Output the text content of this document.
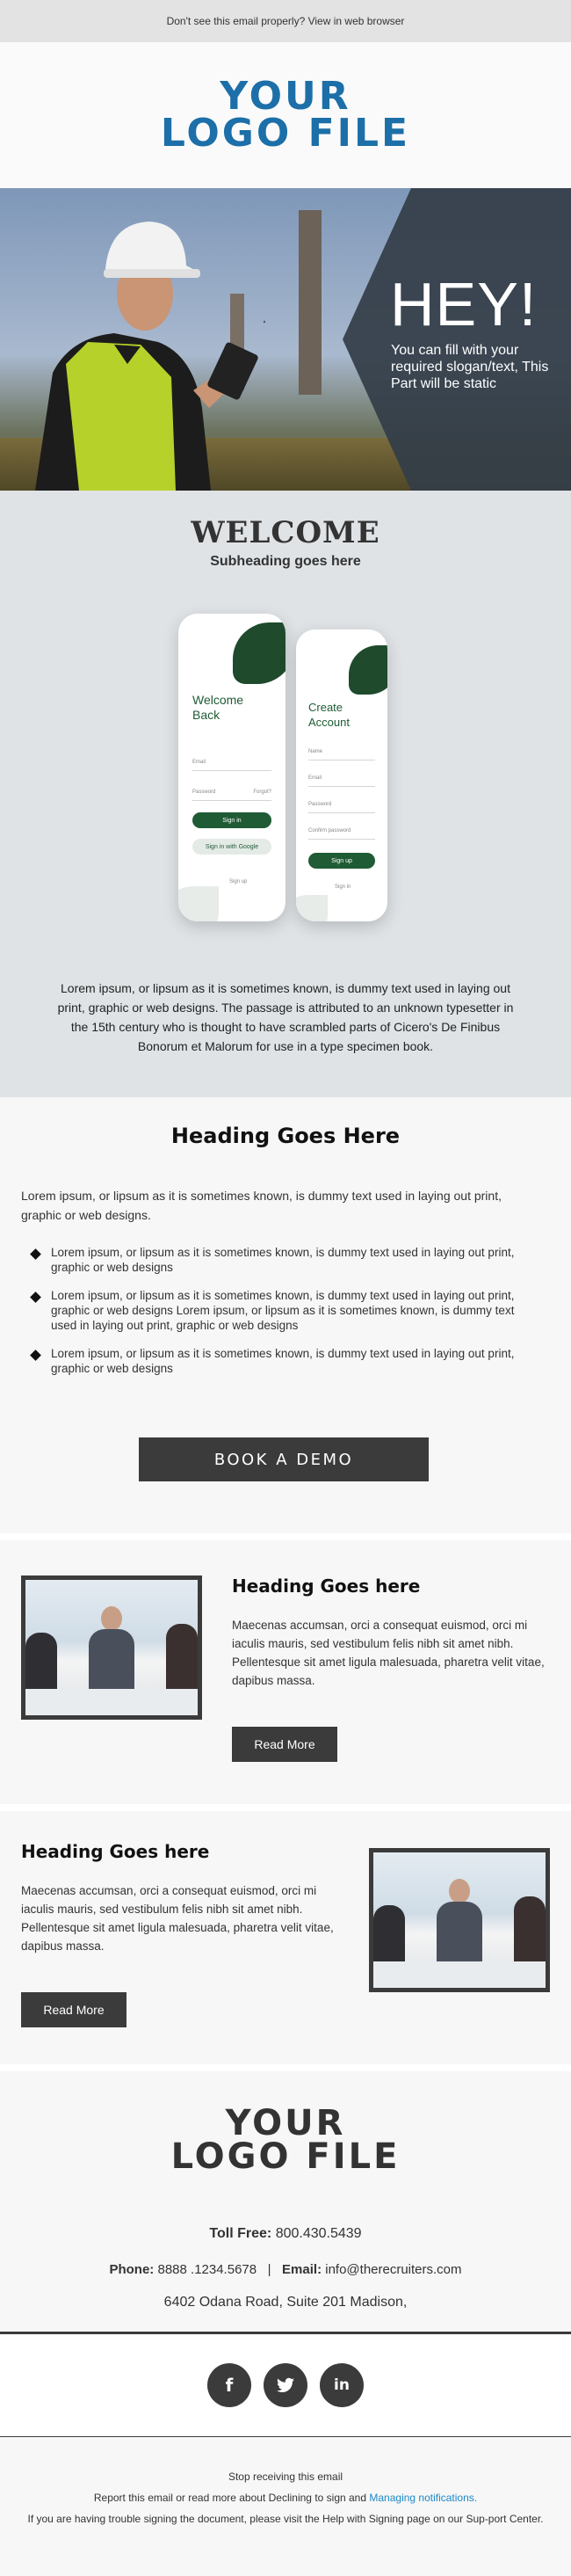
Don't see this email properly? View in web browser
YOUR
LOGO FILE
HEY!
You can fill with your required slogan/text, This Part will be static
WELCOME
Subheading goes here
Welcome Back
Email
Password	Forgot?
Sign in
Sign in with Google
Sign up
Create Account
Name
Email
Password
Confirm password
Sign up
Sign in
Lorem ipsum, or lipsum as it is sometimes known, is dummy text used in laying out print, graphic or web designs. The passage is attributed to an unknown typesetter in the 15th century who is thought to have scrambled parts of Cicero's De Finibus Bonorum et Malorum for use in a type specimen book.
Heading Goes Here
Lorem ipsum, or lipsum as it is sometimes known, is dummy text used in laying out print, graphic or web designs.
Lorem ipsum, or lipsum as it is sometimes known, is dummy text used in laying out print, graphic or web designs
Lorem ipsum, or lipsum as it is sometimes known, is dummy text used in laying out print, graphic or web designs Lorem ipsum, or lipsum as it is sometimes known, is dummy text used in laying out print, graphic or web designs
Lorem ipsum, or lipsum as it is sometimes known, is dummy text used in laying out print, graphic or web designs
BOOK A DEMO
Heading Goes here

Maecenas accumsan, orci a consequat euismod, orci mi iaculis mauris, sed vestibulum felis nibh sit amet nibh. Pellentesque sit amet ligula malesuada, pharetra velit vitae, dapibus massa.

Read More
Heading Goes here

Maecenas accumsan, orci a consequat euismod, orci mi iaculis mauris, sed vestibulum felis nibh sit amet nibh. Pellentesque sit amet ligula malesuada, pharetra velit vitae, dapibus massa.

Read More
YOUR
LOGO FILE
Toll Free: 800.430.5439
Phone: 8888 .1234.5678 | Email: info@therecruiters.com
6402 Odana Road, Suite 201 Madison,
f	in
Stop receiving this email
Report this email or read more about Declining to sign and Managing notifications.
If you are having trouble signing the document, please visit the Help with Signing page on our Sup-port Center.
